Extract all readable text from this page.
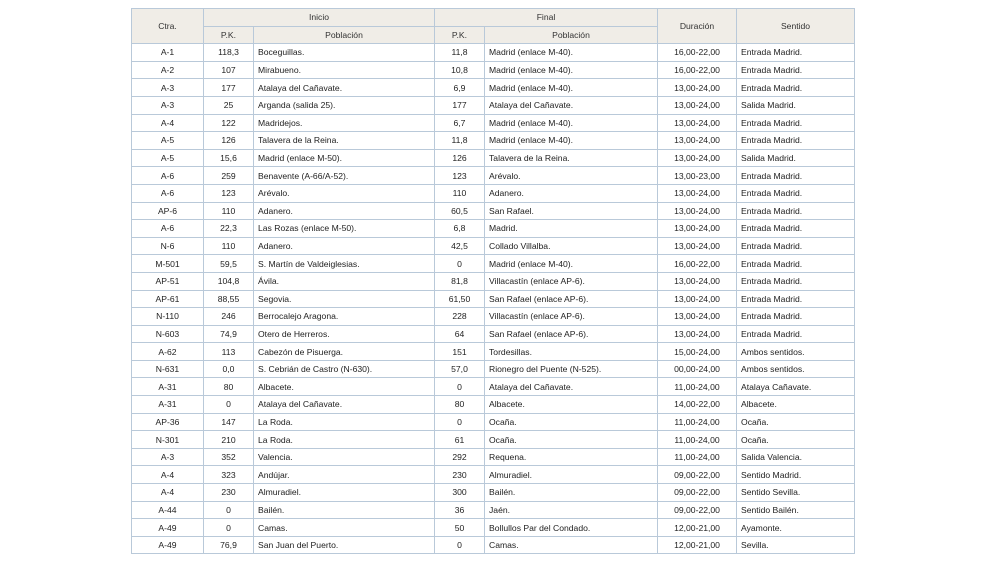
Ctra.	Inicio		Final		Duración	Sentido
	P.K.	Población	P.K.	Población		
A-1	118,3	Boceguillas.	11,8	Madrid (enlace M-40).	16,00-22,00	Entrada Madrid.
A-2	107	Mirabueno.	10,8	Madrid (enlace M-40).	16,00-22,00	Entrada Madrid.
A-3	177	Atalaya del Cañavate.	6,9	Madrid (enlace M-40).	13,00-24,00	Entrada Madrid.
A-3	25	Arganda (salida 25).	177	Atalaya del Cañavate.	13,00-24,00	Salida Madrid.
A-4	122	Madridejos.	6,7	Madrid (enlace M-40).	13,00-24,00	Entrada Madrid.
A-5	126	Talavera de la Reina.	11,8	Madrid (enlace M-40).	13,00-24,00	Entrada Madrid.
A-5	15,6	Madrid (enlace M-50).	126	Talavera de la Reina.	13,00-24,00	Salida Madrid.
A-6	259	Benavente (A-66/A-52).	123	Arévalo.	13,00-23,00	Entrada Madrid.
A-6	123	Arévalo.	110	Adanero.	13,00-24,00	Entrada Madrid.
AP-6	110	Adanero.	60,5	San Rafael.	13,00-24,00	Entrada Madrid.
A-6	22,3	Las Rozas (enlace M-50).	6,8	Madrid.	13,00-24,00	Entrada Madrid.
N-6	110	Adanero.	42,5	Collado Villalba.	13,00-24,00	Entrada Madrid.
M-501	59,5	S. Martín de Valdeiglesias.	0	Madrid (enlace M-40).	16,00-22,00	Entrada Madrid.
AP-51	104,8	Ávila.	81,8	Villacastín (enlace AP-6).	13,00-24,00	Entrada Madrid.
AP-61	88,55	Segovia.	61,50	San Rafael (enlace AP-6).	13,00-24,00	Entrada Madrid.
N-110	246	Berrocalejo Aragona.	228	Villacastín (enlace AP-6).	13,00-24,00	Entrada Madrid.
N-603	74,9	Otero de Herreros.	64	San Rafael (enlace AP-6).	13,00-24,00	Entrada Madrid.
A-62	113	Cabezón de Pisuerga.	151	Tordesillas.	15,00-24,00	Ambos sentidos.
N-631	0,0	S. Cebrián de Castro (N-630).	57,0	Rionegro del Puente (N-525).	00,00-24,00	Ambos sentidos.
A-31	80	Albacete.	0	Atalaya del Cañavate.	11,00-24,00	Atalaya Cañavate.
A-31	0	Atalaya del Cañavate.	80	Albacete.	14,00-22,00	Albacete.
AP-36	147	La Roda.	0	Ocaña.	11,00-24,00	Ocaña.
N-301	210	La Roda.	61	Ocaña.	11,00-24,00	Ocaña.
A-3	352	Valencia.	292	Requena.	11,00-24,00	Salida Valencia.
A-4	323	Andújar.	230	Almuradiel.	09,00-22,00	Sentido Madrid.
A-4	230	Almuradiel.	300	Bailén.	09,00-22,00	Sentido Sevilla.
A-44	0	Bailén.	36	Jaén.	09,00-22,00	Sentido Bailén.
A-49	0	Camas.	50	Bollullos Par del Condado.	12,00-21,00	Ayamonte.
A-49	76,9	San Juan del Puerto.	0	Camas.	12,00-21,00	Sevilla.
